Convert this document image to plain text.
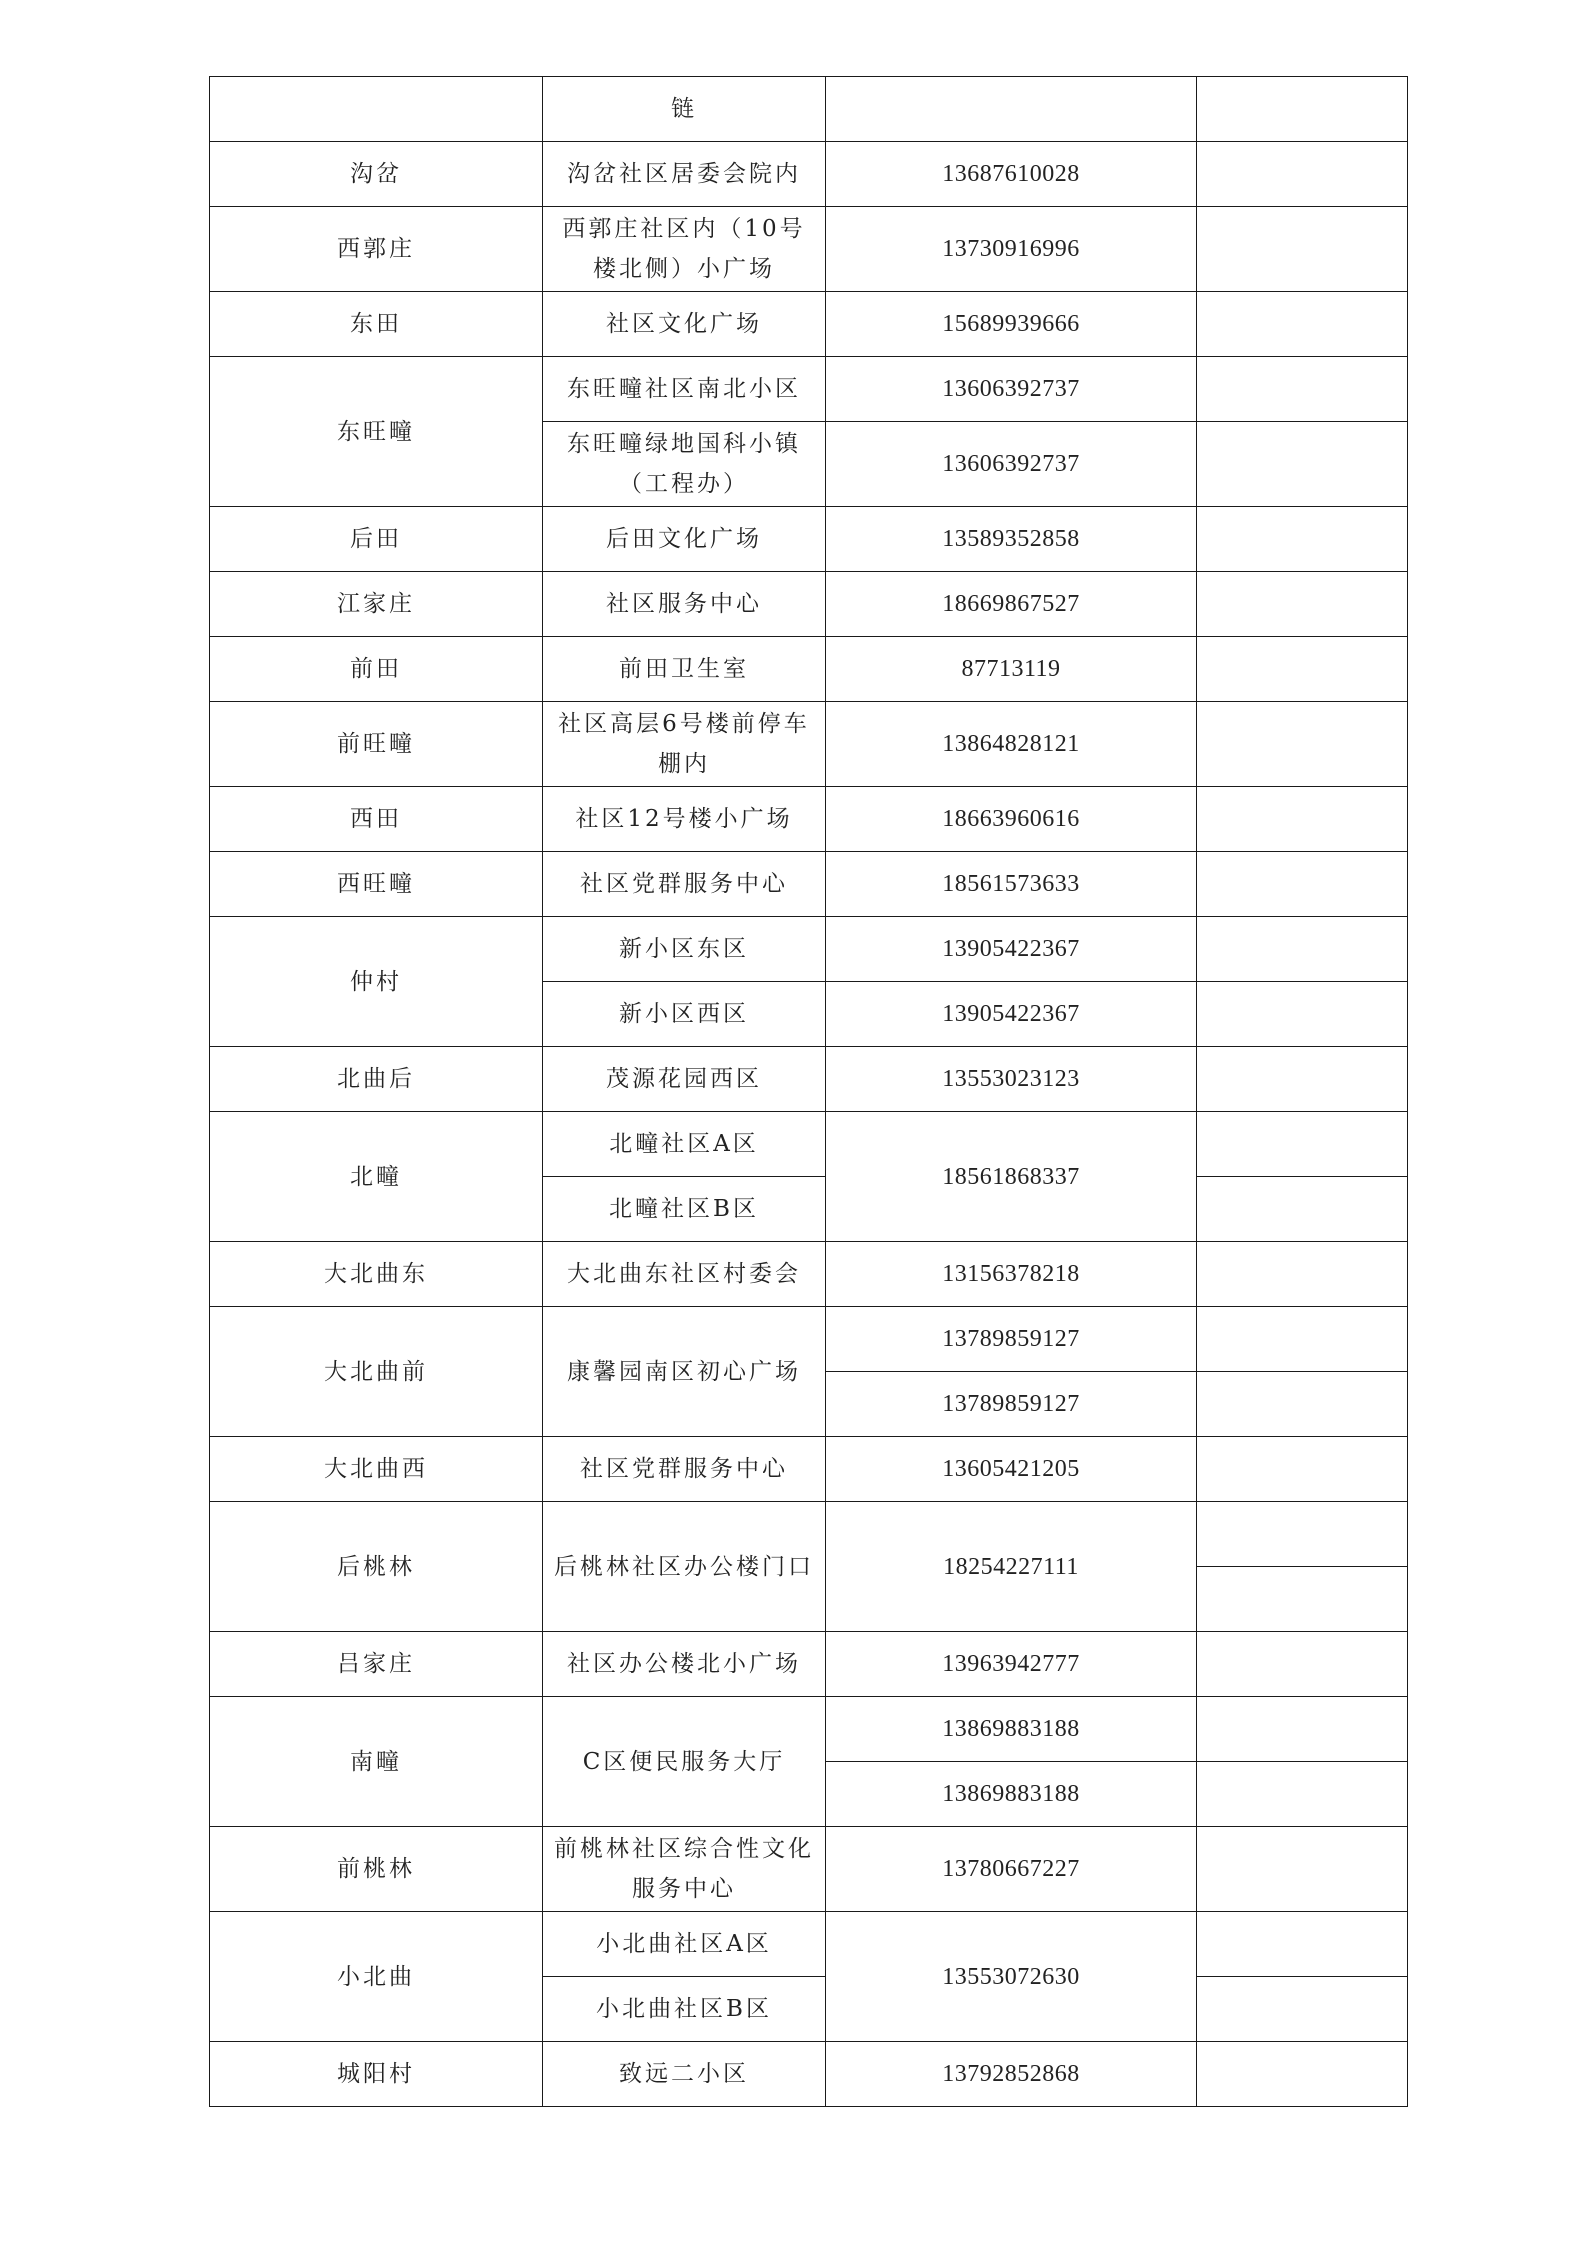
	链		
沟岔	沟岔社区居委会院内	13687610028	
西郭庄	西郭庄社区内（10号楼北侧）小广场	13730916996	
东田	社区文化广场	15689939666	
东旺疃	东旺疃社区南北小区	13606392737	
	东旺疃绿地国科小镇（工程办）	13606392737	
后田	后田文化广场	13589352858	
江家庄	社区服务中心	18669867527	
前田	前田卫生室	87713119	
前旺疃	社区高层6号楼前停车棚内	13864828121	
西田	社区12号楼小广场	18663960616	
西旺疃	社区党群服务中心	18561573633	
仲村	新小区东区	13905422367	
	新小区西区	13905422367	
北曲后	茂源花园西区	13553023123	
北疃	北疃社区A区	18561868337	
	北疃社区B区		
大北曲东	大北曲东社区村委会	13156378218	
大北曲前	康馨园南区初心广场	13789859127	
		13789859127	
大北曲西	社区党群服务中心	13605421205	
后桃林	后桃林社区办公楼门口	18254227111	

吕家庄	社区办公楼北小广场	13963942777	
南疃	C区便民服务大厅	13869883188	
		13869883188	
前桃林	前桃林社区综合性文化服务中心	13780667227	
小北曲	小北曲社区A区	13553072630	
	小北曲社区B区		
城阳村	致远二小区	13792852868	
